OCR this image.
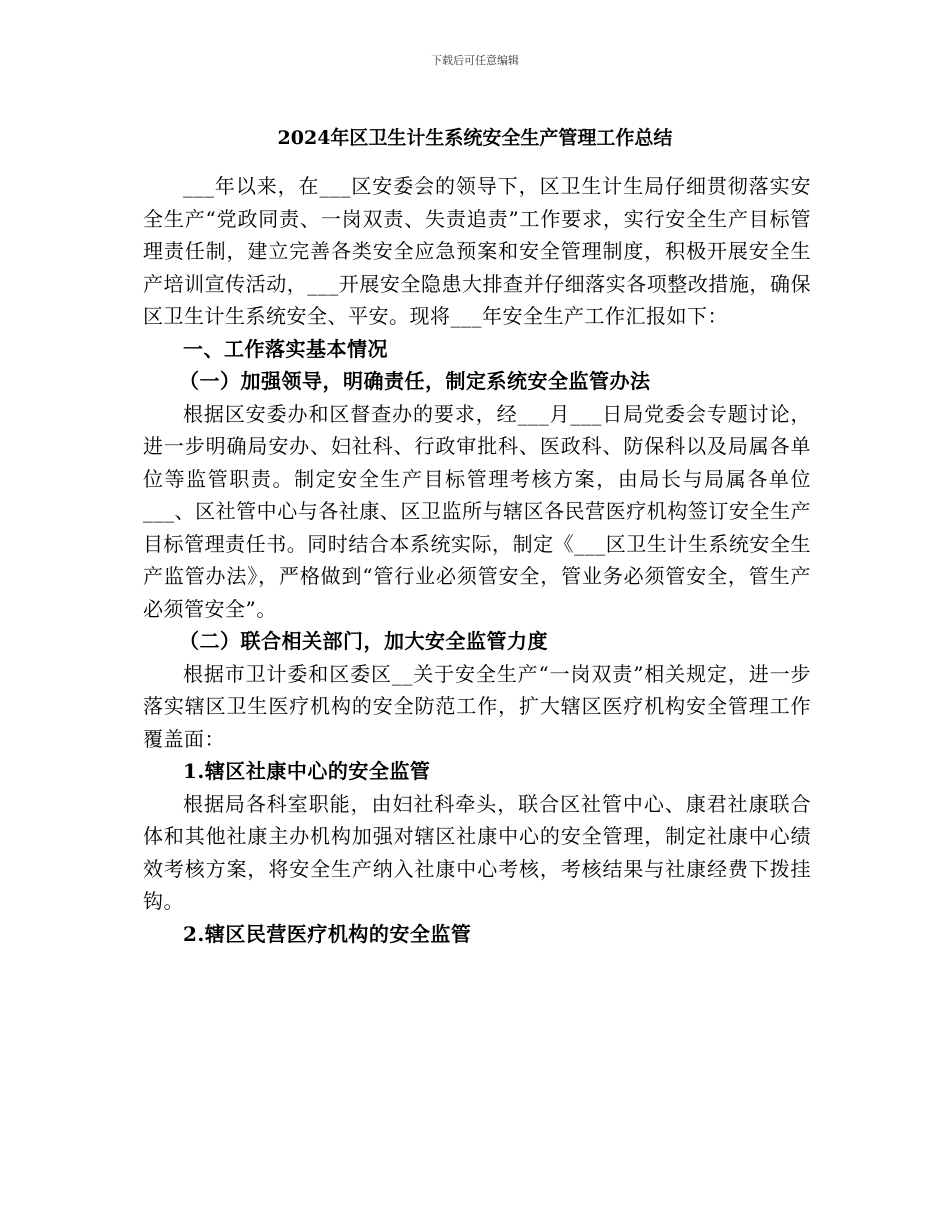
下载后可任意编辑
2024年区卫生计生系统安全生产管理工作总结

___年以来，在___区安委会的领导下，区卫生计生局仔细贯彻落实安全生产“党政同责、一岗双责、失责追责”工作要求，实行安全生产目标管理责任制，建立完善各类安全应急预案和安全管理制度，积极开展安全生产培训宣传活动，___开展安全隐患大排查并仔细落实各项整改措施，确保区卫生计生系统安全、平安。现将___年安全生产工作汇报如下：

一、工作落实基本情况

（一）加强领导，明确责任，制定系统安全监管办法

根据区安委办和区督查办的要求，经___月___日局党委会专题讨论，进一步明确局安办、妇社科、行政审批科、医政科、防保科以及局属各单位等监管职责。制定安全生产目标管理考核方案，由局长与局属各单位___、区社管中心与各社康、区卫监所与辖区各民营医疗机构签订安全生产目标管理责任书。同时结合本系统实际，制定《___区卫生计生系统安全生产监管办法》，严格做到“管行业必须管安全，管业务必须管安全，管生产必须管安全”。

（二）联合相关部门，加大安全监管力度

根据市卫计委和区委区__关于安全生产“一岗双责”相关规定，进一步落实辖区卫生医疗机构的安全防范工作，扩大辖区医疗机构安全管理工作覆盖面：

1.辖区社康中心的安全监管

根据局各科室职能，由妇社科牵头，联合区社管中心、康君社康联合体和其他社康主办机构加强对辖区社康中心的安全管理，制定社康中心绩效考核方案，将安全生产纳入社康中心考核，考核结果与社康经费下拨挂钩。

2.辖区民营医疗机构的安全监管
